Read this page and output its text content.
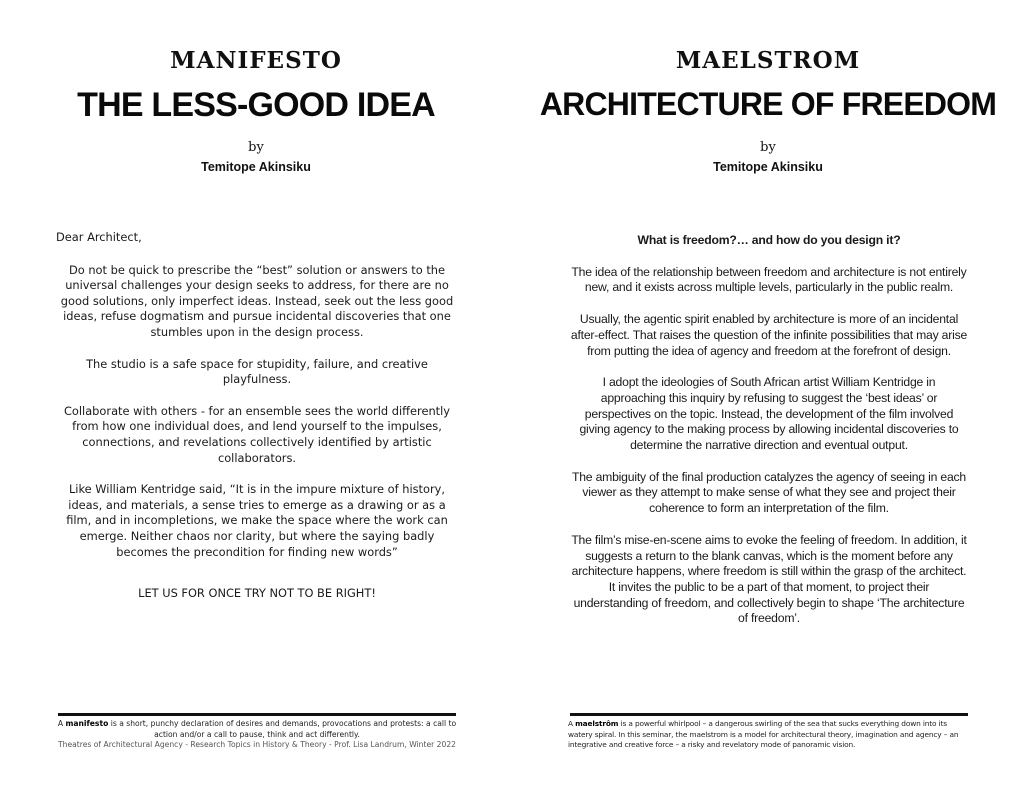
MANIFESTO
THE LESS-GOOD IDEA
by
Temitope Akinsiku
Dear Architect,

Do not be quick to prescribe the “best” solution or answers to the universal challenges your design seeks to address, for there are no good solutions, only imperfect ideas. Instead, seek out the less good ideas, refuse dogmatism and pursue incidental discoveries that one stumbles upon in the design process.

The studio is a safe space for stupidity, failure, and creative playfulness.

Collaborate with others - for an ensemble sees the world differently from how one individual does, and lend yourself to the impulses, connections, and revelations collectively identified by artistic collaborators.

Like William Kentridge said, “It is in the impure mixture of history, ideas, and materials, a sense tries to emerge as a drawing or as a film, and in incompletions, we make the space where the work can emerge. Neither chaos nor clarity, but where the saying badly becomes the precondition for finding new words”

LET US FOR ONCE TRY NOT TO BE RIGHT!

A manifesto is a short, punchy declaration of desires and demands, provocations and protests: a call to action and/or a call to pause, think and act differently.
Theatres of Architectural Agency - Research Topics in History & Theory - Prof. Lisa Landrum, Winter 2022
MAELSTROM
ARCHITECTURE OF FREEDOM
by
Temitope Akinsiku

What is freedom?… and how do you design it?

The idea of the relationship between freedom and architecture is not entirely new, and it exists across multiple levels, particularly in the public realm.

Usually, the agentic spirit enabled by architecture is more of an incidental after-effect. That raises the question of the infinite possibilities that may arise from putting the idea of agency and freedom at the forefront of design.

I adopt the ideologies of South African artist William Kentridge in approaching this inquiry by refusing to suggest the ‘best ideas’ or perspectives on the topic. Instead, the development of the film involved giving agency to the making process by allowing incidental discoveries to determine the narrative direction and eventual output.

The ambiguity of the final production catalyzes the agency of seeing in each viewer as they attempt to make sense of what they see and project their coherence to form an interpretation of the film.

The film’s mise-en-scene aims to evoke the feeling of freedom. In addition, it suggests a return to the blank canvas, which is the moment before any architecture happens, where freedom is still within the grasp of the architect. It invites the public to be a part of that moment, to project their understanding of freedom, and collectively begin to shape ‘The architecture of freedom’.

A maelstrôm is a powerful whirlpool – a dangerous swirling of the sea that sucks everything down into its watery spiral. In this seminar, the maelstrom is a model for architectural theory, imagination and agency – an integrative and creative force – a risky and revelatory mode of panoramic vision.
